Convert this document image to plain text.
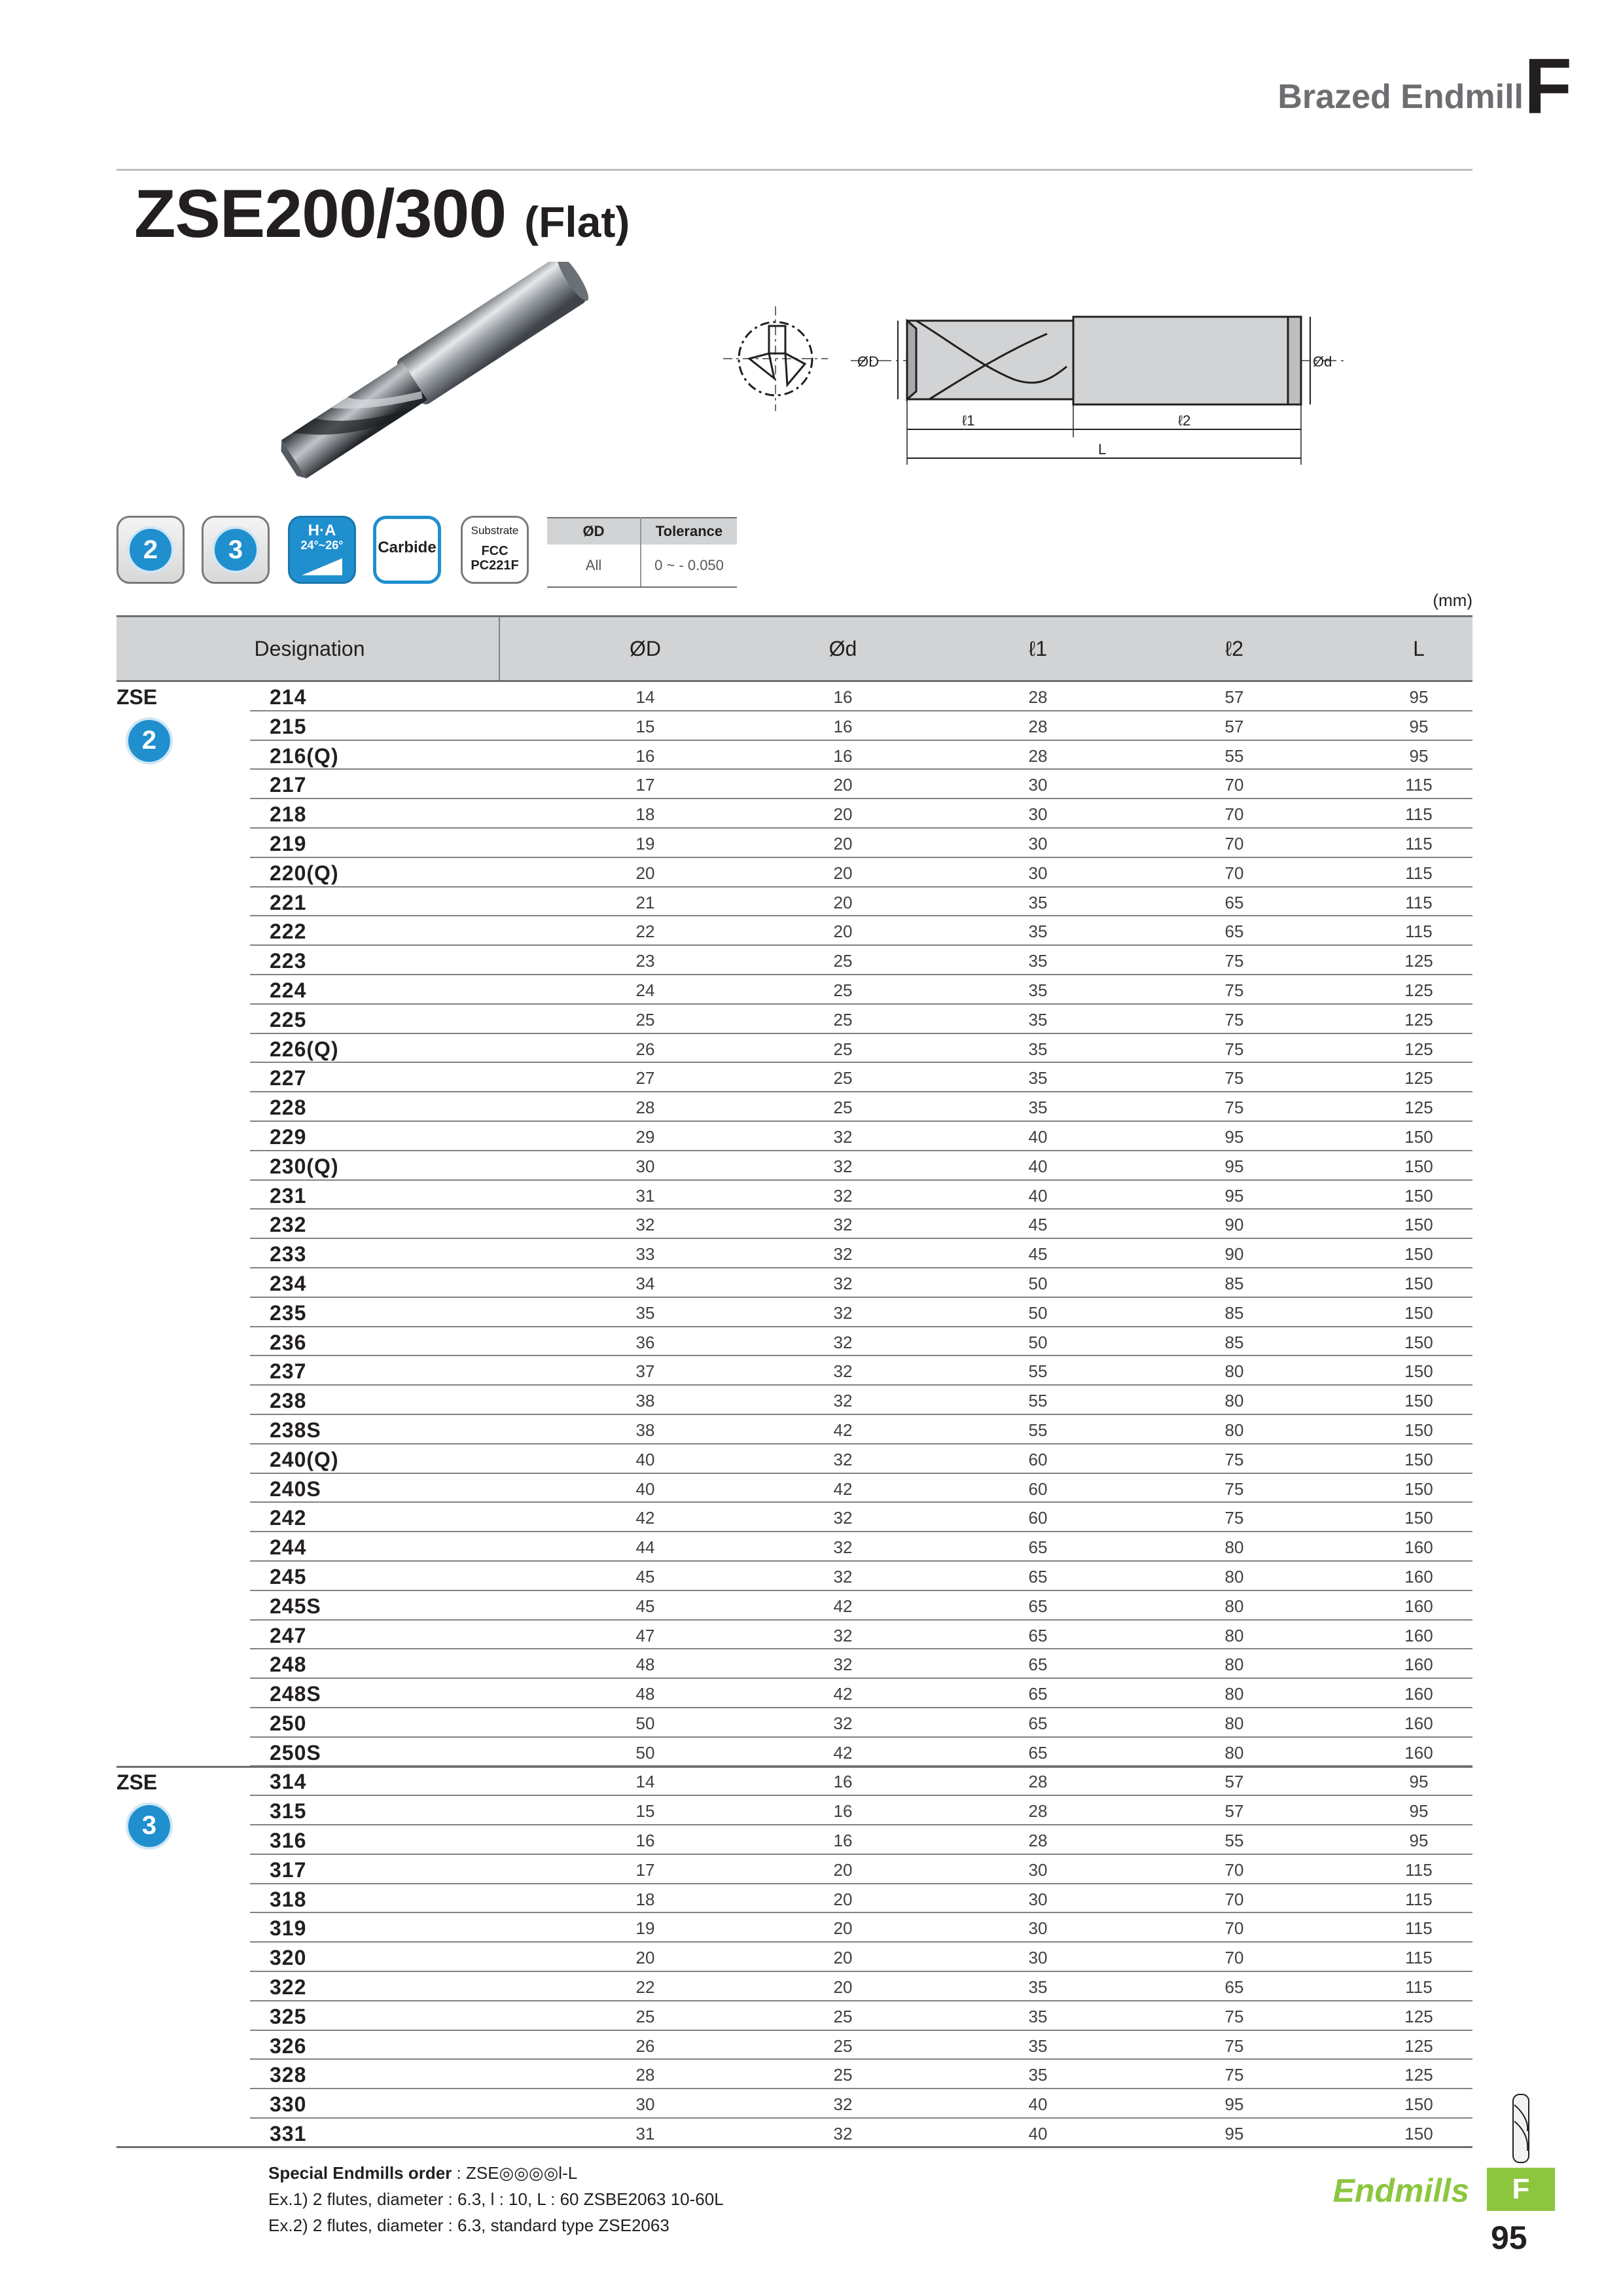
Brazed Endmill F
ZSE200/300 (Flat)
ØD	Ød
ℓ1	ℓ2
L
2	3
H·A
24°~26°	Carbide
Substrate
FCC
PC221F
ØD	Tolerance
All	0 ~ - 0.050
(mm)
Designation	ØD	Ød	ℓ1	ℓ2	L
ZSE
2
214	14	16	28	57	95
215	15	16	28	57	95
216(Q)	16	16	28	55	95
217	17	20	30	70	115
218	18	20	30	70	115
219	19	20	30	70	115
220(Q)	20	20	30	70	115
221	21	20	35	65	115
222	22	20	35	65	115
223	23	25	35	75	125
224	24	25	35	75	125
225	25	25	35	75	125
226(Q)	26	25	35	75	125
227	27	25	35	75	125
228	28	25	35	75	125
229	29	32	40	95	150
230(Q)	30	32	40	95	150
231	31	32	40	95	150
232	32	32	45	90	150
233	33	32	45	90	150
234	34	32	50	85	150
235	35	32	50	85	150
236	36	32	50	85	150
237	37	32	55	80	150
238	38	32	55	80	150
238S	38	42	55	80	150
240(Q)	40	32	60	75	150
240S	40	42	60	75	150
242	42	32	60	75	150
244	44	32	65	80	160
245	45	32	65	80	160
245S	45	42	65	80	160
247	47	32	65	80	160
248	48	32	65	80	160
248S	48	42	65	80	160
250	50	32	65	80	160
250S	50	42	65	80	160
ZSE
3
314	14	16	28	57	95
315	15	16	28	57	95
316	16	16	28	55	95
317	17	20	30	70	115
318	18	20	30	70	115
319	19	20	30	70	115
320	20	20	30	70	115
322	22	20	35	65	115
325	25	25	35	75	125
326	26	25	35	75	125
328	28	25	35	75	125
330	30	32	40	95	150
331	31	32	40	95	150
Special Endmills order : ZSE◎◎◎◎l-L
Ex.1) 2 flutes, diameter : 6.3, l : 10, L : 60 ZSBE2063 10-60L
Ex.2) 2 flutes, diameter : 6.3, standard type ZSE2063
Endmills	F
95
